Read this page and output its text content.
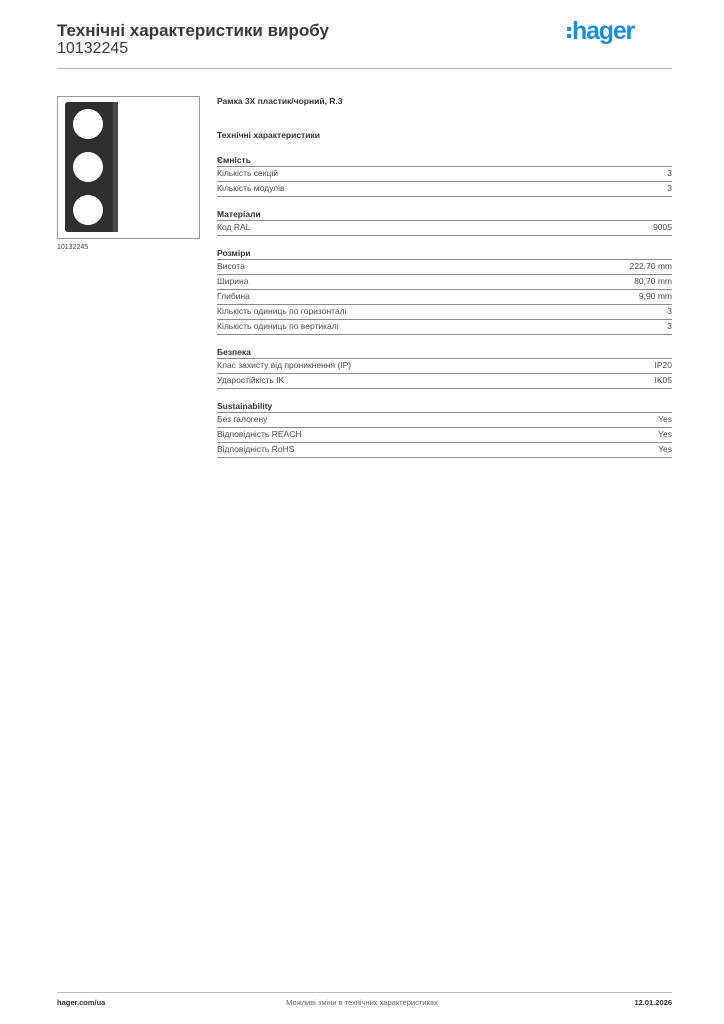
Технічні характеристики виробу
10132245
hager
10132245
Рамка 3X пластик/чорний, R.3
Технічні характеристики
Ємність
Кількість секцій	3
Кількість модулів	3
Матеріали
Код RAL	9005
Розміри
Висота	222,70 mm
Ширина	80,70 mm
Глибина	9,90 mm
Кількість одиниць по горизонталі	3
Кількість одиниць по вертикалі	3
Безпека
Клас захисту від проникнення (IP)	IP20
Ударостійкість IK	IK05
Sustainability
Без галогену	Yes
Відповідність REACH	Yes
Відповідність RoHS	Yes
hager.com/ua	Можливі зміни в технічних характеристиках	12.01.2026
